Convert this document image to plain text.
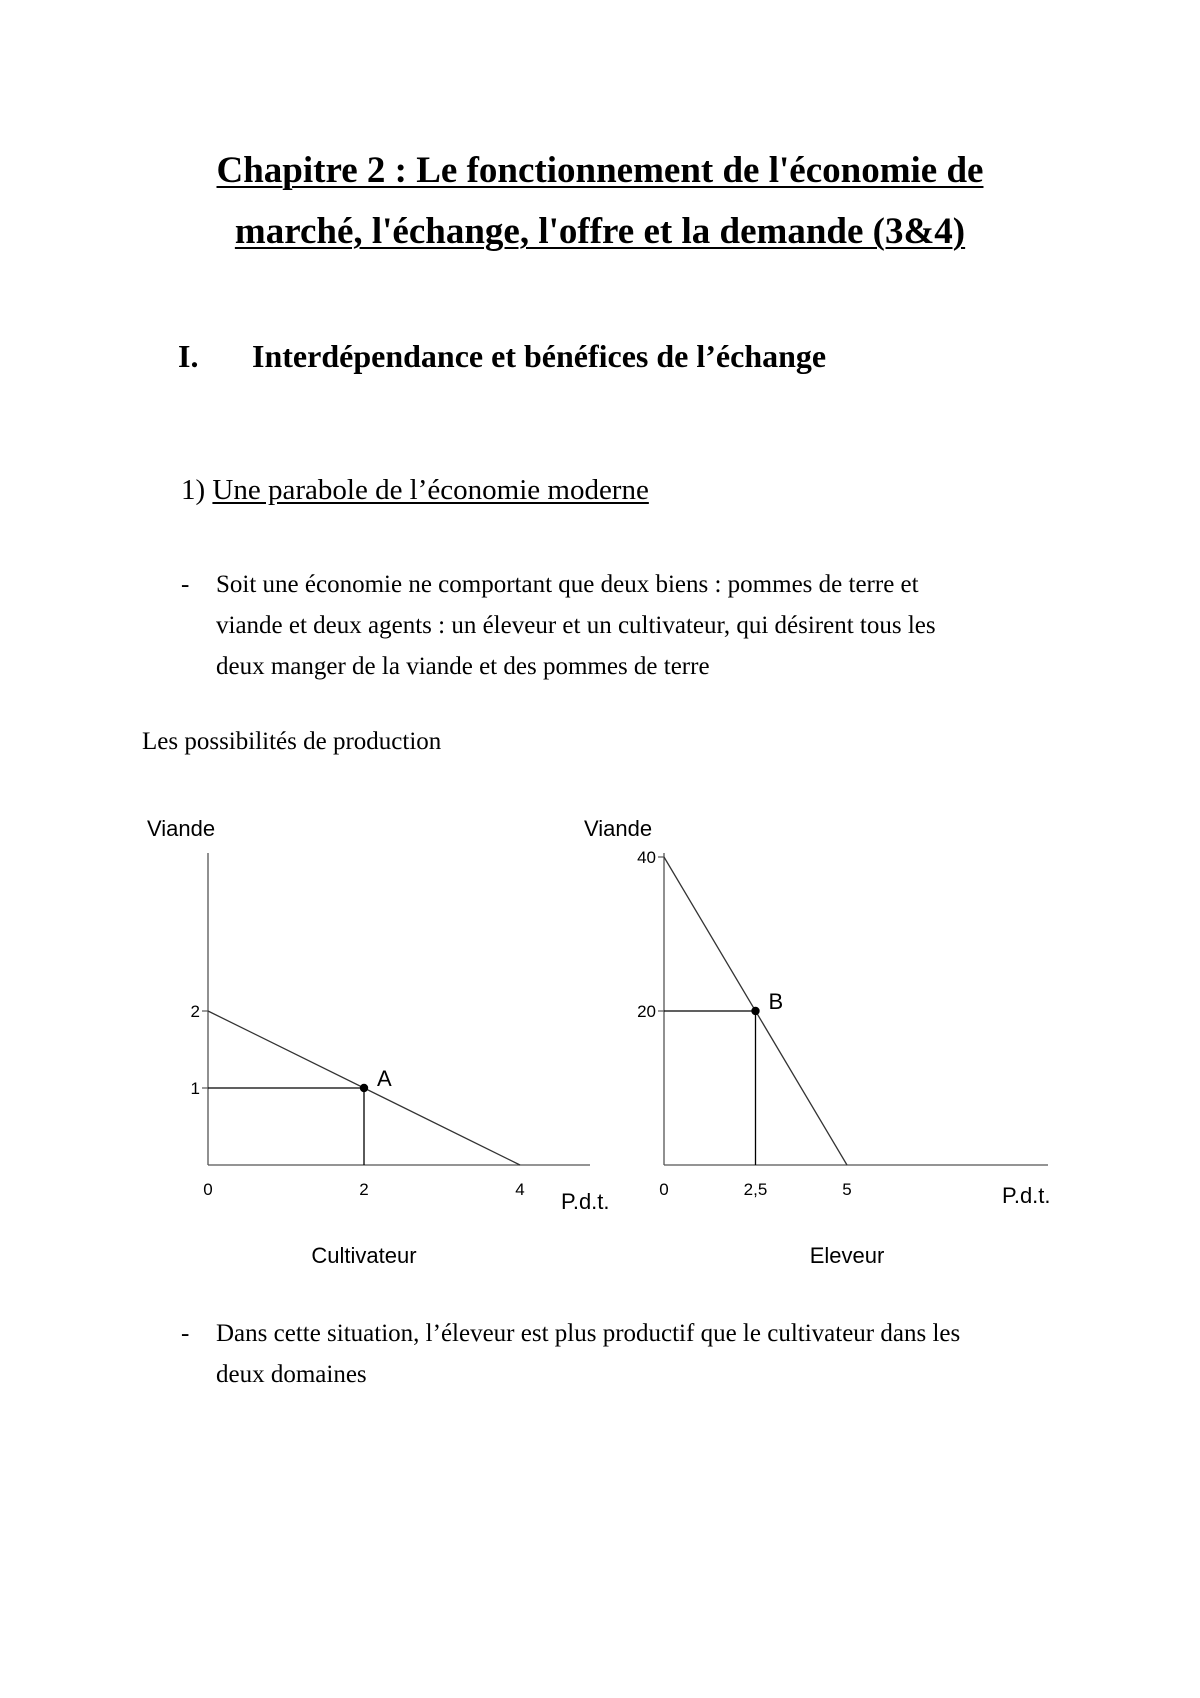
Chapitre 2 : Le fonctionnement de l'économie de
marché, l'échange, l'offre et la demande (3&4)
I. Interdépendance et bénéfices de l’échange
1) Une parabole de l’économie moderne
- Soit une économie ne comportant que deux biens : pommes de terre et
viande et deux agents : un éleveur et un cultivateur, qui désirent tous les
deux manger de la viande et des pommes de terre
Les possibilités de production
0	2	4
1
2
A
Viande
P.d.t.
Cultivateur
0	2,5	5
20
40
B
Viande
P.d.t.
Eleveur
- Dans cette situation, l’éleveur est plus productif que le cultivateur dans les
deux domaines
